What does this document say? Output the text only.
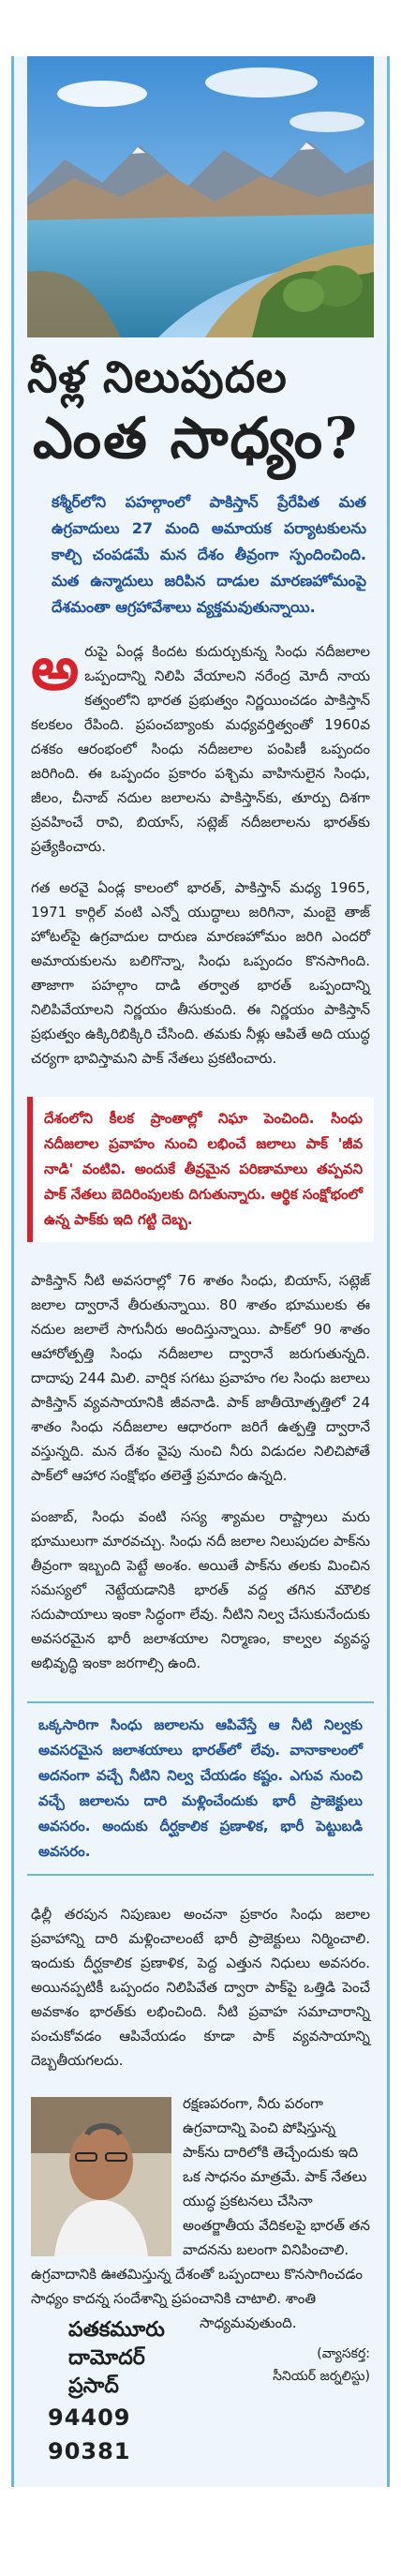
నీళ్ల నిలుపుదల
ఎంత సాధ్యం?
కశ్మీర్‌లోని పహల్గాంలో పాకిస్తాన్ ప్రేరేపిత మత ఉగ్రవాదులు 27 మంది అమాయక పర్యాటకులను కాల్చి చంపడమే మన దేశం తీవ్రంగా స్పందించింది. మత ఉన్మాదులు జరిపిన దాడుల మారణహోమంపై దేశమంతా ఆగ్రహావేశాలు వ్యక్తమవుతున్నాయి.

అ రుపై ఏండ్ల కిందట కుదుర్చుకున్న సింధు నదీజలాల ఒప్పందాన్ని నిలిపి వేయాలని నరేంద్ర మోదీ నాయ కత్వంలోని భారత ప్రభుత్వం నిర్ణయించడం పాకిస్తాన్ కలకలం రేపింది. ప్రపంచబ్యాంకు మధ్యవర్తిత్వంతో 1960వ దశకం ఆరంభంలో సింధు నదీజలాల పంపిణీ ఒప్పందం జరిగింది. ఈ ఒప్పందం ప్రకారం పశ్చిమ వాహినులైన సింధు, జీలం, చీనాబ్ నదుల జలాలను పాకిస్తాన్‌కు, తూర్పు దిశగా ప్రవహించే రావి, బియాస్, సట్లెజ్ నదీజలాలను భారత్‌కు ప్రత్యేకించారు.

గత అరవై ఏండ్ల కాలంలో భారత్, పాకిస్తాన్ మధ్య 1965, 1971 కార్గిల్ వంటి ఎన్నో యుద్ధాలు జరిగినా, మంబై తాజ్ హోటల్‌పై ఉగ్రవాదుల దారుణ మారణహోమం జరిగి ఎందరో అమాయకులను బలిగొన్నా, సింధు ఒప్పందం కొనసాగింది. తాజాగా పహల్గాం దాడి తర్వాత భారత్ ఒప్పందాన్ని నిలిపివేయాలని నిర్ణయం తీసుకుంది. ఈ నిర్ణయం పాకిస్తాన్ ప్రభుత్వం ఉక్కిరిబిక్కిరి చేసింది. తమకు నీళ్లు ఆపితే అది యుద్ధ చర్యగా భావిస్తామని పాక్ నేతలు ప్రకటించారు.

దేశంలోని కీలక ప్రాంతాల్లో నిఘా పెంచింది. సింధు నదీజలాల ప్రవాహం నుంచి లభించే జలాలు పాక్ 'జీవ నాడి' వంటివి. అందుకే తీవ్రమైన పరిణామాలు తప్పవని పాక్ నేతలు బెదిరింపులకు దిగుతున్నారు. ఆర్థిక సంక్షోభంలో ఉన్న పాక్‌కు ఇది గట్టి దెబ్బ.

పాకిస్తాన్ నీటి అవసరాల్లో 76 శాతం సింధు, బియాస్, సట్లెజ్ జలాల ద్వారానే తీరుతున్నాయి. 80 శాతం భూములకు ఈ నదుల జలాలే సాగునీరు అందిస్తున్నాయి. పాక్‌లో 90 శాతం ఆహారోత్పత్తి సింధు నదీజలాల ద్వారానే జరుగుతున్నది. దాదాపు 244 మిలి. వార్షిక సగటు ప్రవాహం గల సింధు జలాలు పాకిస్తాన్ వ్యవసాయానికి జీవనాడి. పాక్ జాతీయోత్పత్తిలో 24 శాతం సింధు నదీజలాల ఆధారంగా జరిగే ఉత్పత్తి ద్వారానే వస్తున్నది. మన దేశం వైపు నుంచి నీరు విడుదల నిలిచిపోతే పాక్‌లో ఆహార సంక్షోభం తలెత్తే ప్రమాదం ఉన్నది.

పంజాబ్, సింధు వంటి సస్య శ్యామల రాష్ట్రాలు మరు భూములుగా మారవచ్చు. సింధు నదీ జలాల నిలుపుదల పాక్‌ను తీవ్రంగా ఇబ్బంది పెట్టే అంశం. అయితే పాక్‌ను తలకు మించిన సమస్యలో నెట్టేయడానికి భారత్ వద్ద తగిన మౌలిక సదుపాయాలు ఇంకా సిద్ధంగా లేవు. నీటిని నిల్వ చేసుకునేందుకు అవసరమైన భారీ జలాశయాల నిర్మాణం, కాల్వల వ్యవస్థ అభివృద్ధి ఇంకా జరగాల్సి ఉంది.

ఒక్కసారిగా సింధు జలాలను ఆపివేస్తే ఆ నీటి నిల్వకు అవసరమైన జలాశయాలు భారత్‌లో లేవు. వానాకాలంలో అదనంగా వచ్చే నీటిని నిల్వ చేయడం కష్టం. ఎగువ నుంచి వచ్చే జలాలను దారి మళ్లించేందుకు భారీ ప్రాజెక్టులు అవసరం. అందుకు దీర్ఘకాలిక ప్రణాళిక, భారీ పెట్టుబడి అవసరం.

ఢిల్లీ తరపున నిపుణుల అంచనా ప్రకారం సింధు జలాల ప్రవాహాన్ని దారి మళ్లించాలంటే భారీ ప్రాజెక్టులు నిర్మించాలి. ఇందుకు దీర్ఘకాలిక ప్రణాళిక, పెద్ద ఎత్తున నిధులు అవసరం. అయినప్పటికీ ఒప్పందం నిలిపివేత ద్వారా పాక్‌పై ఒత్తిడి పెంచే అవకాశం భారత్‌కు లభించింది. నీటి ప్రవాహ సమాచారాన్ని పంచుకోవడం ఆపివేయడం కూడా పాక్ వ్యవసాయాన్ని దెబ్బతీయగలదు.

రక్షణపరంగా, నీరు పరంగా ఉగ్రవాదాన్ని పెంచి పోషిస్తున్న పాక్‌ను దారిలోకి తెచ్చేందుకు ఇది ఒక సాధనం మాత్రమే. పాక్ నేతలు యుద్ధ ప్రకటనలు చేసినా అంతర్జాతీయ వేదికలపై భారత్ తన వాదనను బలంగా వినిపించాలి. ఉగ్రవాదానికి ఊతమిస్తున్న దేశంతో ఒప్పందాలు కొనసాగించడం సాధ్యం కాదన్న సందేశాన్ని ప్రపంచానికి చాటాలి. శాంతి సాధ్యమవుతుంది.
పతకమూరు
దామోదర్ ప్రసాద్
94409 90381
(వ్యాసకర్త:
సీనియర్ జర్నలిస్టు)
